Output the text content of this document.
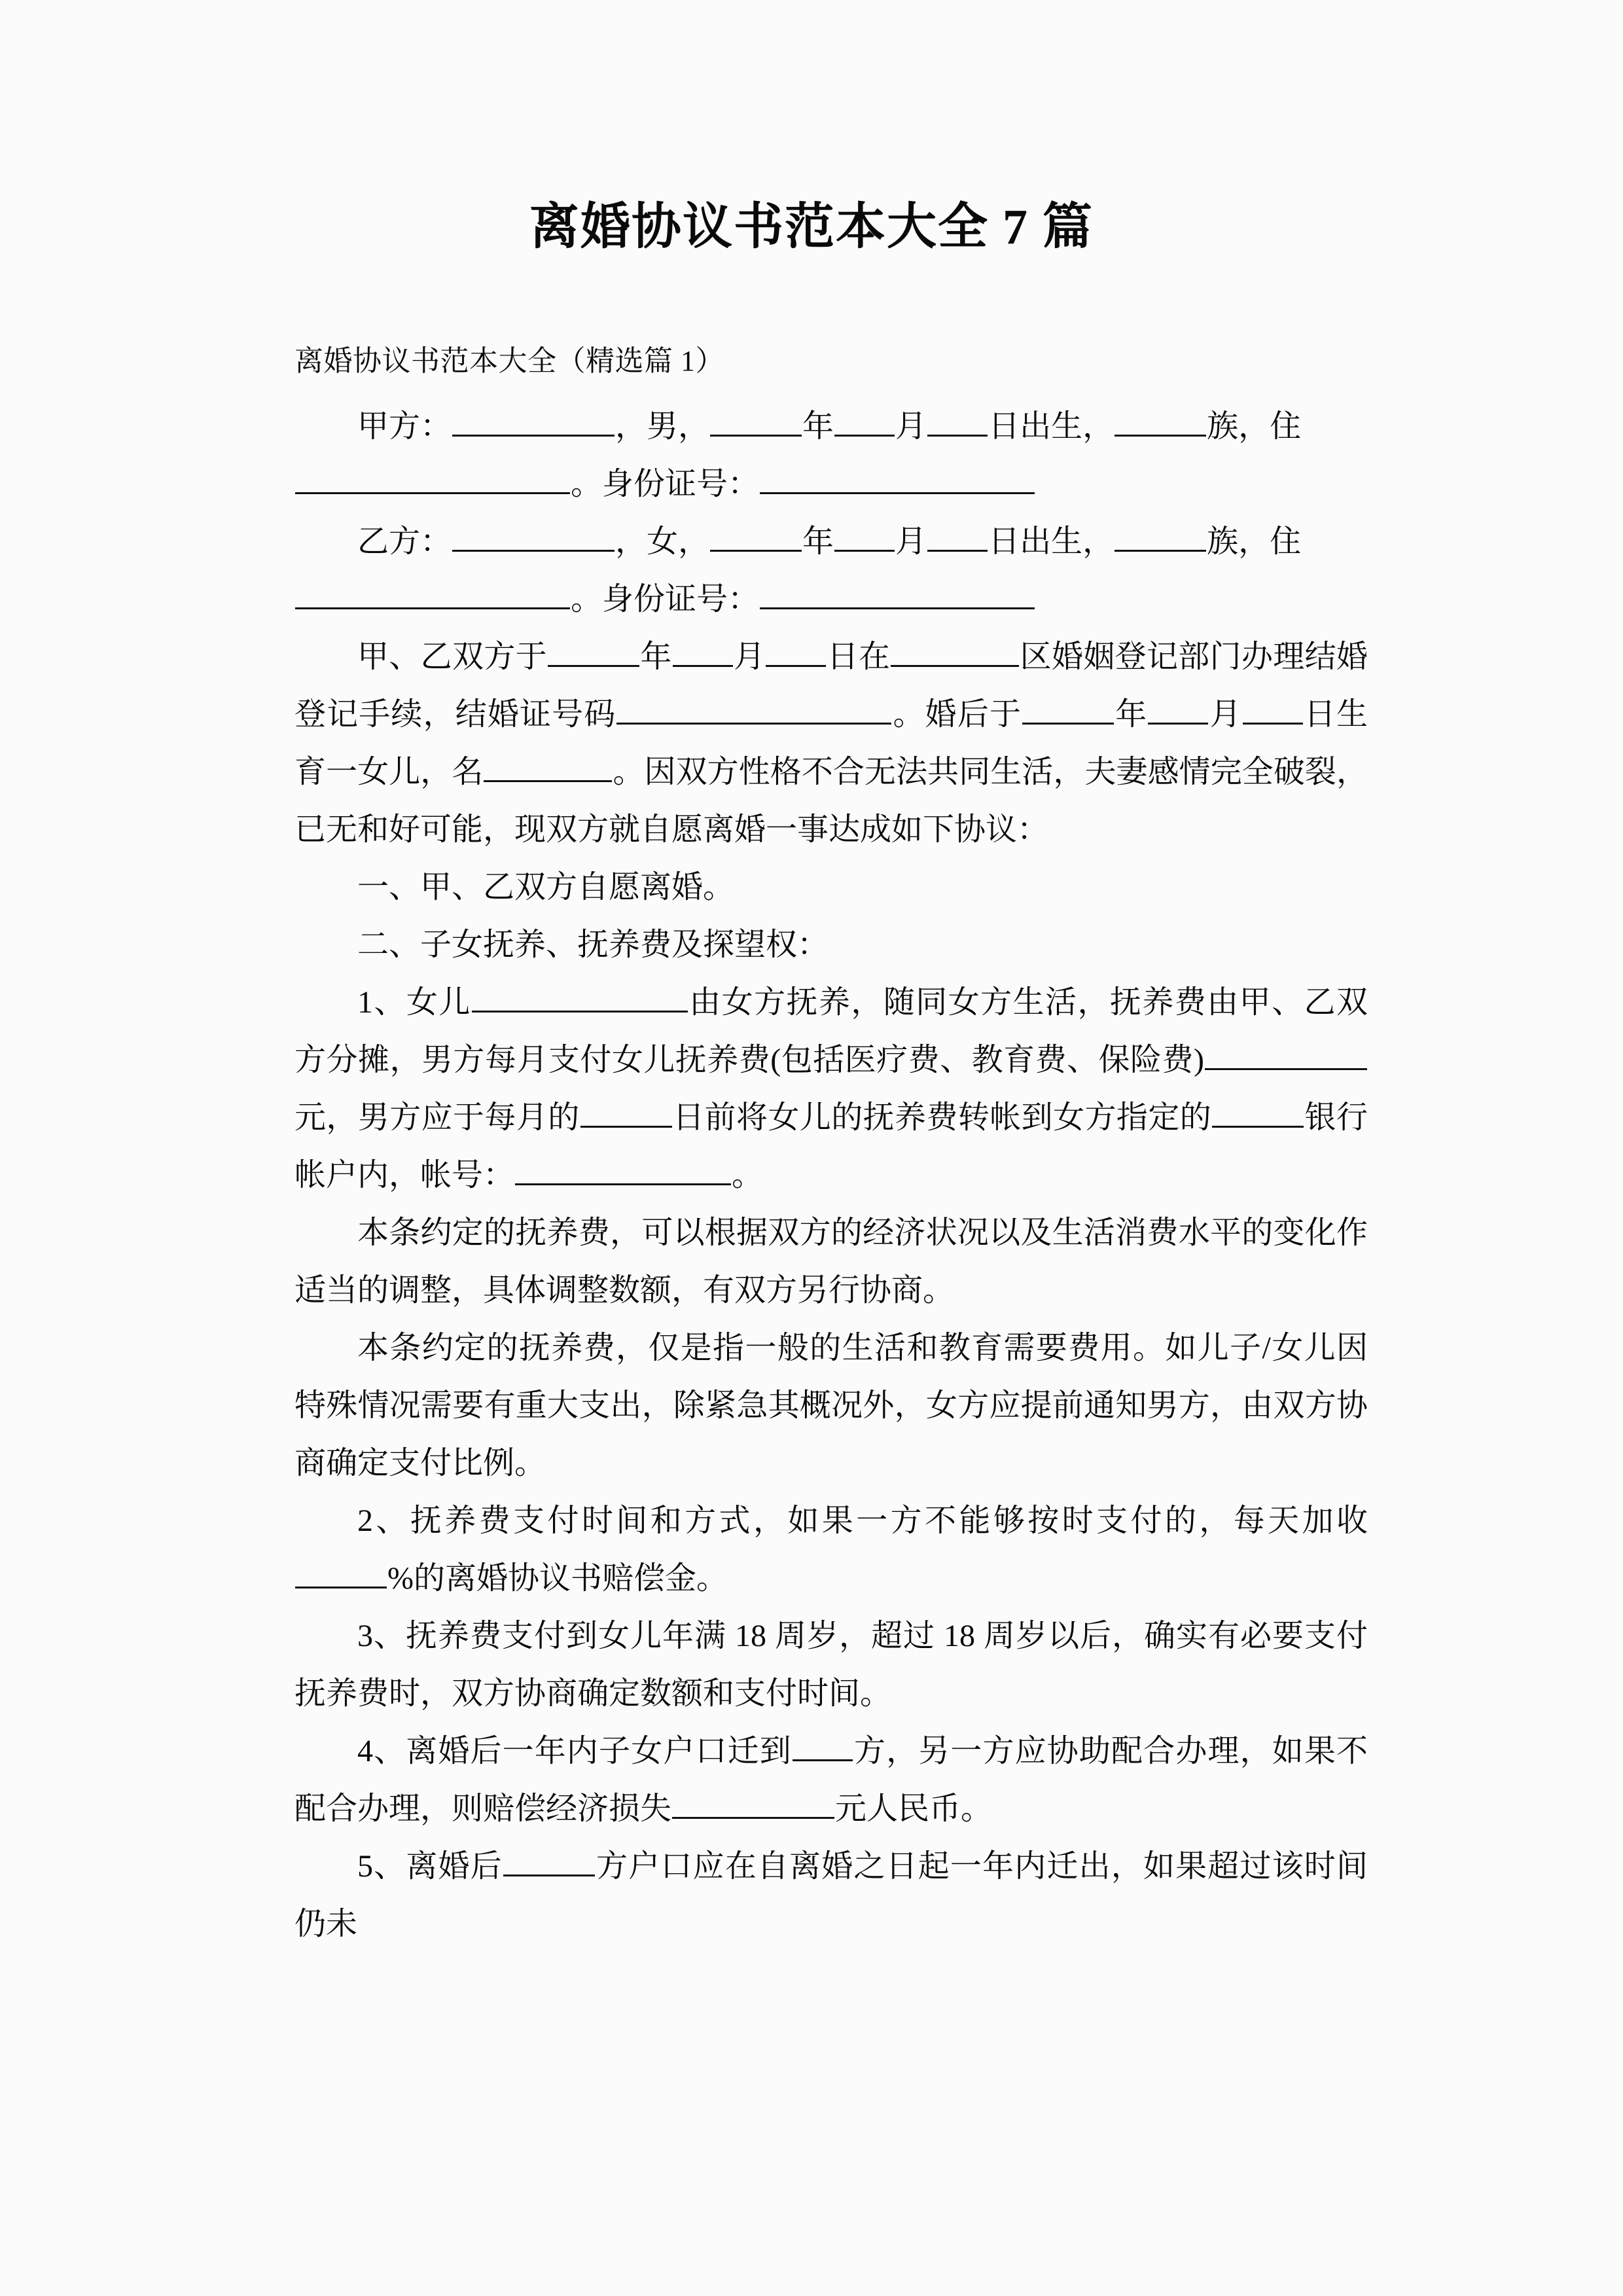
离婚协议书范本大全 7 篇
离婚协议书范本大全（精选篇 1）

甲方：	，男，	年 月 日出生，	族，住

。身份证号：

乙方：	，女，	年 月 日出生，	族，住

。身份证号：

甲、乙双方于	年 月 日在	区婚姻登记部门办理结婚登记手续，结婚证号码	。婚后于	年 月 日生育一女儿，名	。因双方性格不合无法共同生活，夫妻感情完全破裂，已无和好可能，现双方就自愿离婚一事达成如下协议：

一、甲、乙双方自愿离婚。

二、子女抚养、抚养费及探望权：

1、女儿	由女方抚养，随同女方生活，抚养费由甲、乙双方分摊，男方每月支付女儿抚养费(包括医疗费、教育费、保险费)元，男方应于每月的	日前将女儿的抚养费转帐到女方指定的	银行帐户内，帐号：	。

本条约定的抚养费，可以根据双方的经济状况以及生活消费水平的变化作适当的调整，具体调整数额，有双方另行协商。

本条约定的抚养费，仅是指一般的生活和教育需要费用。如儿子/女儿因特殊情况需要有重大支出，除紧急其概况外，女方应提前通知男方，由双方协商确定支付比例。

2、抚养费支付时间和方式，如果一方不能够按时支付的，每天加收%的离婚协议书赔偿金。

3、抚养费支付到女儿年满 18 周岁，超过 18 周岁以后，确实有必要支付抚养费时，双方协商确定数额和支付时间。

4、离婚后一年内子女户口迁到 方，另一方应协助配合办理，如果不配合办理，则赔偿经济损失	元人民币。

5、离婚后	方户口应在自离婚之日起一年内迁出，如果超过该时间仍未
